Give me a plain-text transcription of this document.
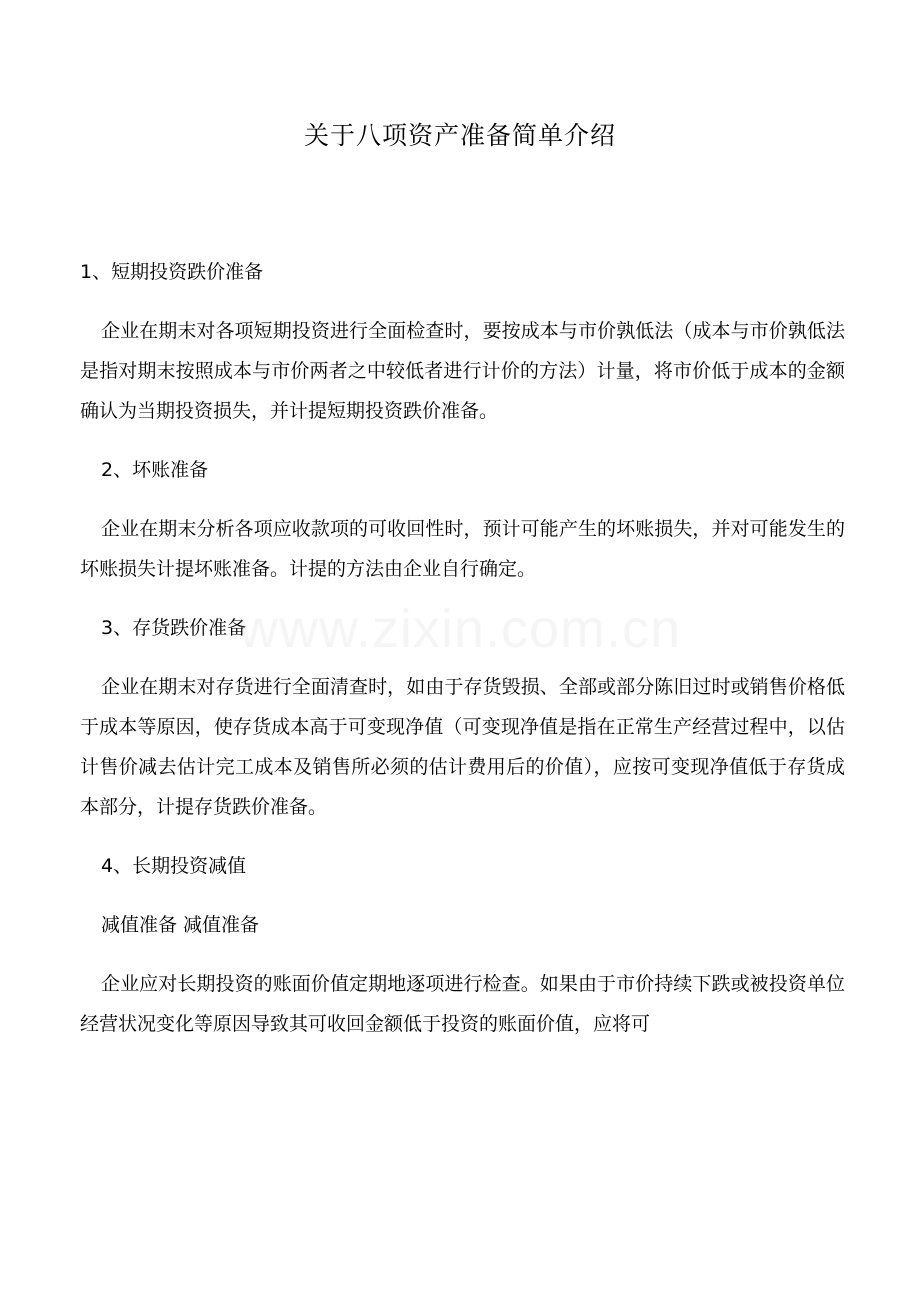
关于八项资产准备简单介绍

1、短期投资跌价准备

企业在期末对各项短期投资进行全面检查时，要按成本与市价孰低法（成本与市价孰低法是指对期末按照成本与市价两者之中较低者进行计价的方法）计量，将市价低于成本的金额确认为当期投资损失，并计提短期投资跌价准备。

2、坏账准备

企业在期末分析各项应收款项的可收回性时，预计可能产生的坏账损失，并对可能发生的坏账损失计提坏账准备。计提的方法由企业自行确定。

3、存货跌价准备

企业在期末对存货进行全面清查时，如由于存货毁损、全部或部分陈旧过时或销售价格低于成本等原因，使存货成本高于可变现净值（可变现净值是指在正常生产经营过程中，以估计售价减去估计完工成本及销售所必须的估计费用后的价值），应按可变现净值低于存货成本部分，计提存货跌价准备。

4、长期投资减值

减值准备 减值准备

企业应对长期投资的账面价值定期地逐项进行检查。如果由于市价持续下跌或被投资单位经营状况变化等原因导致其可收回金额低于投资的账面价值，应将可

www.zixin.com.cn
